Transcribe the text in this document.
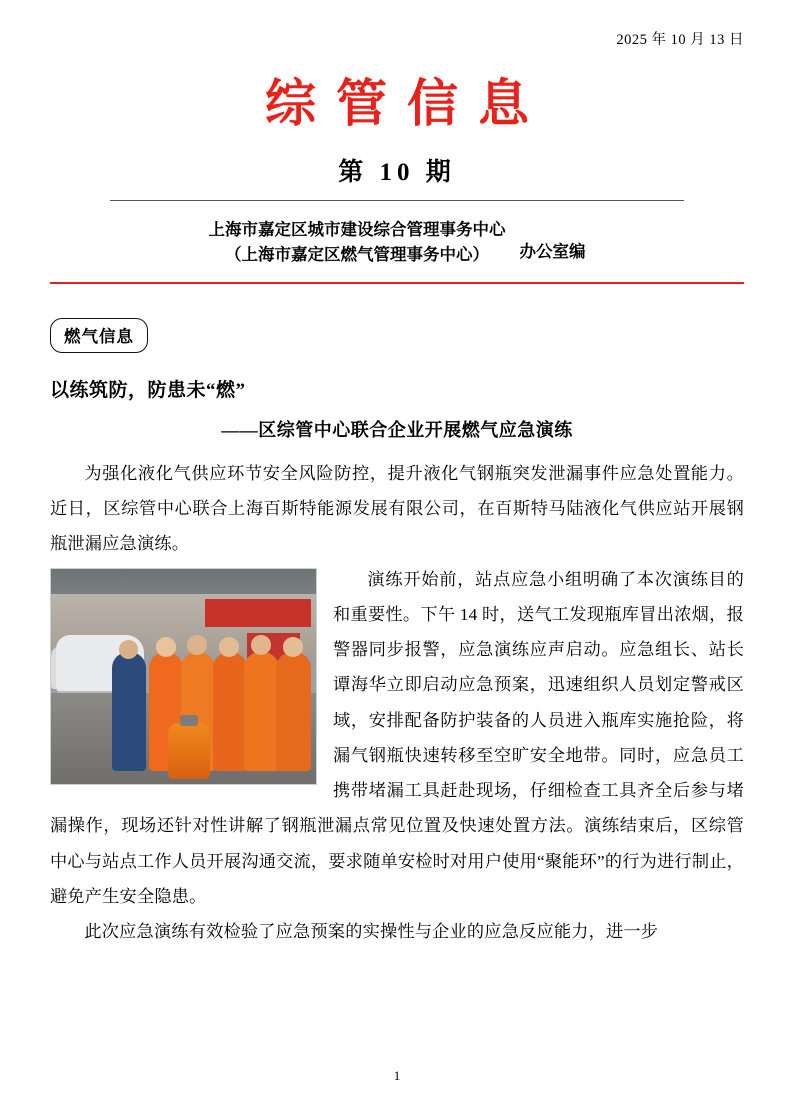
2025 年 10 月 13 日
综管信息
第 10 期
上海市嘉定区城市建设综合管理事务中心
（上海市嘉定区燃气管理事务中心）	办公室编
燃气信息
以练筑防，防患未“燃”
——区综管中心联合企业开展燃气应急演练

为强化液化气供应环节安全风险防控，提升液化气钢瓶突发泄漏事件应急处置能力。近日，区综管中心联合上海百斯特能源发展有限公司，在百斯特马陆液化气供应站开展钢瓶泄漏应急演练。

演练开始前，站点应急小组明确了本次演练目的和重要性。下午 14 时，送气工发现瓶库冒出浓烟，报警器同步报警，应急演练应声启动。应急组长、站长谭海华立即启动应急预案，迅速组织人员划定警戒区域，安排配备防护装备的人员进入瓶库实施抢险，将漏气钢瓶快速转移至空旷安全地带。同时，应急员工携带堵漏工具赶赴现场，仔细检查工具齐全后参与堵漏操作，现场还针对性讲解了钢瓶泄漏点常见位置及快速处置方法。演练结束后，区综管中心与站点工作人员开展沟通交流，要求随单安检时对用户使用“聚能环”的行为进行制止，避免产生安全隐患。

此次应急演练有效检验了应急预案的实操性与企业的应急反应能力，进一步

1
